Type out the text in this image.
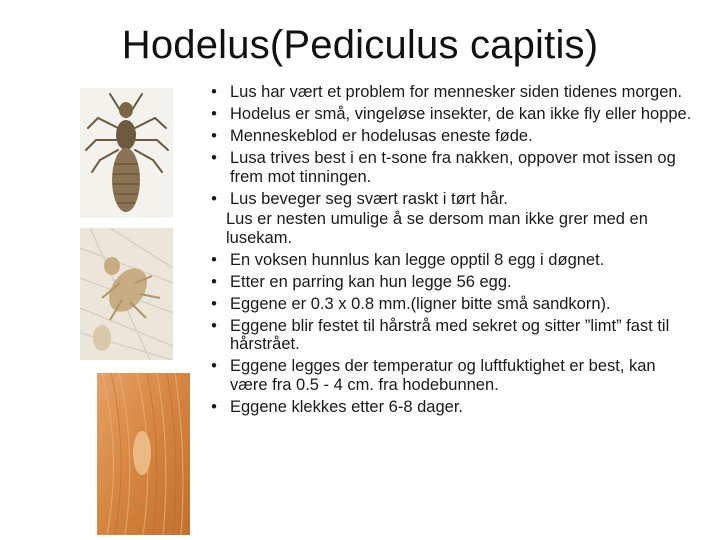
Hodelus(Pediculus capitis)
• Lus har vært et problem for mennesker siden tidenes morgen.
• Hodelus er små, vingeløse insekter, de kan ikke fly eller hoppe.
• Menneskeblod er hodelusas eneste føde.
• Lusa trives best i en t-sone fra nakken, oppover mot issen og frem mot tinningen.
• Lus beveger seg svært raskt i tørt hår.
Lus er nesten umulige å se dersom man ikke grer med en lusekam.
• En voksen hunnlus kan legge opptil 8 egg i døgnet.
• Etter en parring kan hun legge 56 egg.
• Eggene er 0.3 x 0.8 mm.(ligner bitte små sandkorn).
• Eggene blir festet til hårstrå med sekret og sitter ”limt” fast til hårstrået.
• Eggene legges der temperatur og luftfuktighet er best, kan være fra 0.5 - 4 cm. fra hodebunnen.
• Eggene klekkes etter 6-8 dager.
